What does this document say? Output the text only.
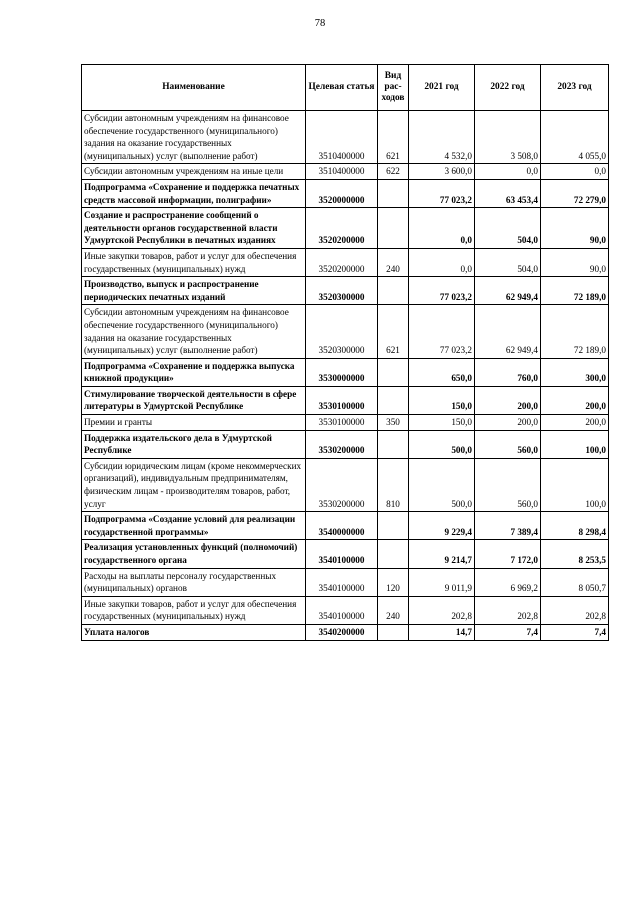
78
Наименование	Целевая статья	Вид рас-ходов	2021 год	2022 год	2023 год
Субсидии автономным учреждениям на финансовое обеспечение государственного (муниципального) задания на оказание государственных (муниципальных) услуг (выполнение работ)	3510400000	621	4 532,0	3 508,0	4 055,0
Субсидии автономным учреждениям на иные цели	3510400000	622	3 600,0	0,0	0,0
Подпрограмма «Сохранение и поддержка печатных средств массовой информации, полиграфии»	3520000000		77 023,2	63 453,4	72 279,0
Создание и распространение сообщений о деятельности органов государственной власти Удмуртской Республики в печатных изданиях	3520200000		0,0	504,0	90,0
Иные закупки товаров, работ и услуг для обеспечения государственных (муниципальных) нужд	3520200000	240	0,0	504,0	90,0
Производство, выпуск и распространение периодических печатных изданий	3520300000		77 023,2	62 949,4	72 189,0
Субсидии автономным учреждениям на финансовое обеспечение государственного (муниципального) задания на оказание государственных (муниципальных) услуг (выполнение работ)	3520300000	621	77 023,2	62 949,4	72 189,0
Подпрограмма «Сохранение и поддержка выпуска книжной продукции»	3530000000		650,0	760,0	300,0
Стимулирование творческой деятельности в сфере литературы в Удмуртской Республике	3530100000		150,0	200,0	200,0
Премии и гранты	3530100000	350	150,0	200,0	200,0
Поддержка издательского дела в Удмуртской Республике	3530200000		500,0	560,0	100,0
Субсидии юридическим лицам (кроме некоммерческих организаций), индивидуальным предпринимателям, физическим лицам - производителям товаров, работ, услуг	3530200000	810	500,0	560,0	100,0
Подпрограмма «Создание условий для реализации государственной программы»	3540000000		9 229,4	7 389,4	8 298,4
Реализация установленных функций (полномочий) государственного органа	3540100000		9 214,7	7 172,0	8 253,5
Расходы на выплаты персоналу государственных (муниципальных) органов	3540100000	120	9 011,9	6 969,2	8 050,7
Иные закупки товаров, работ и услуг для обеспечения государственных (муниципальных) нужд	3540100000	240	202,8	202,8	202,8
Уплата налогов	3540200000		14,7	7,4	7,4
